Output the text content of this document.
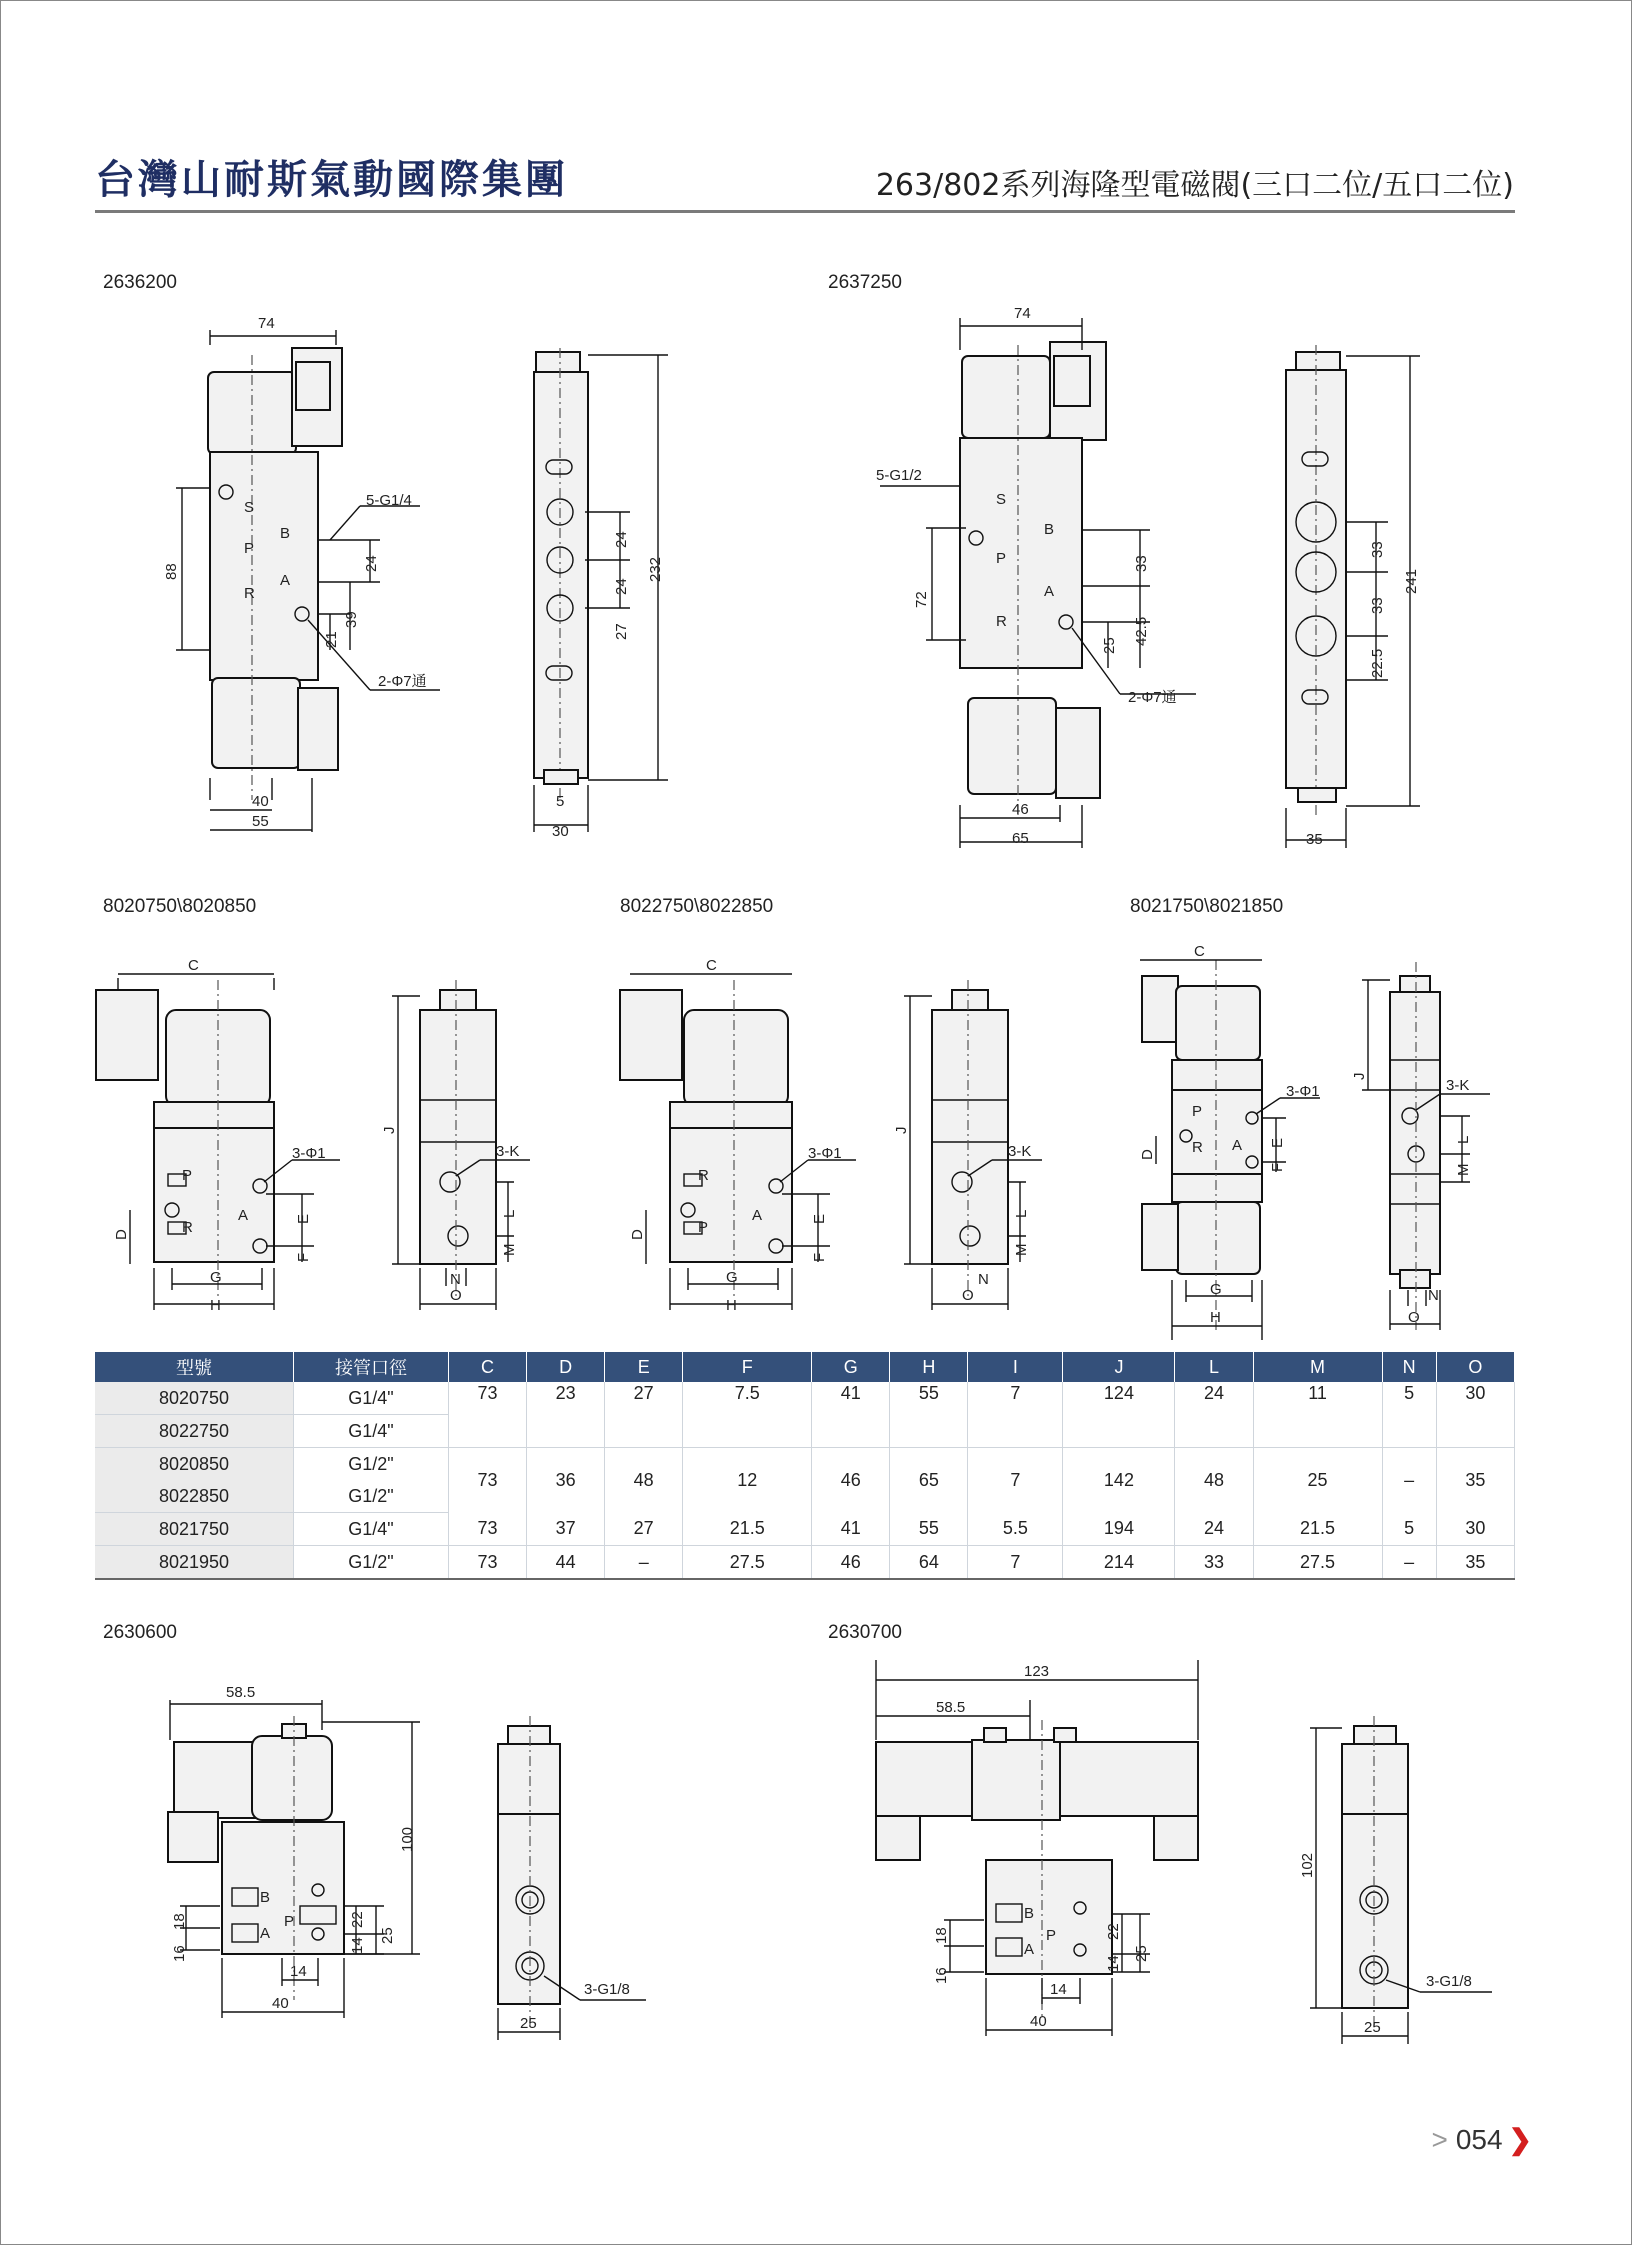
台灣山耐斯氣動國際集團	263/802系列海隆型電磁閥(三口二位/五口二位)
2636200	2637250
8020750\8020850	8022750\8022850	8021750\8021850
2630600	2630700
74
88
5-G1/4
S
P
R
B
A
24
39
21
2-Φ7通
40
55
24
24
27
232
5
30
74
5-G1/2
72
S
P
R
B
A
33
42.5
25
2-Φ7通
46
65
33
33
22.5
241
35
C
P
R
A
D
E
F
3-Φ1
G
H
J
L
M
3-K
N
O
C
R
P
A
D
E
F
3-Φ1
G
H
J
L
M
3-K
N
O
C
P
R A
D
E
F
3-Φ1
G
H
J
L
M
3-K
N
O
型號	接管口徑	C	D	E	F	G	H	I	J	L	M	N	O
8020750	G1/4"	73	23	27	7.5	41	55	7	124	24	11	5	30
8022750	G1/4"												
8020850	G1/2"	73	36	48	12	46	65	7	142	48	25	–	35
8022850	G1/2"												
8021750	G1/4"	73	37	27	21.5	41	55	5.5	194	24	21.5	5	30
8021950	G1/2"	73	44	–	27.5	46	64	7	214	33	27.5	–	35
58.5
100
B
P
A
18
16
22
14
25
14
40
3-G1/8
25
123
58.5
B
P
A
18
16
22
14
25
14
40
102
3-G1/8
25
> 054 ❯
